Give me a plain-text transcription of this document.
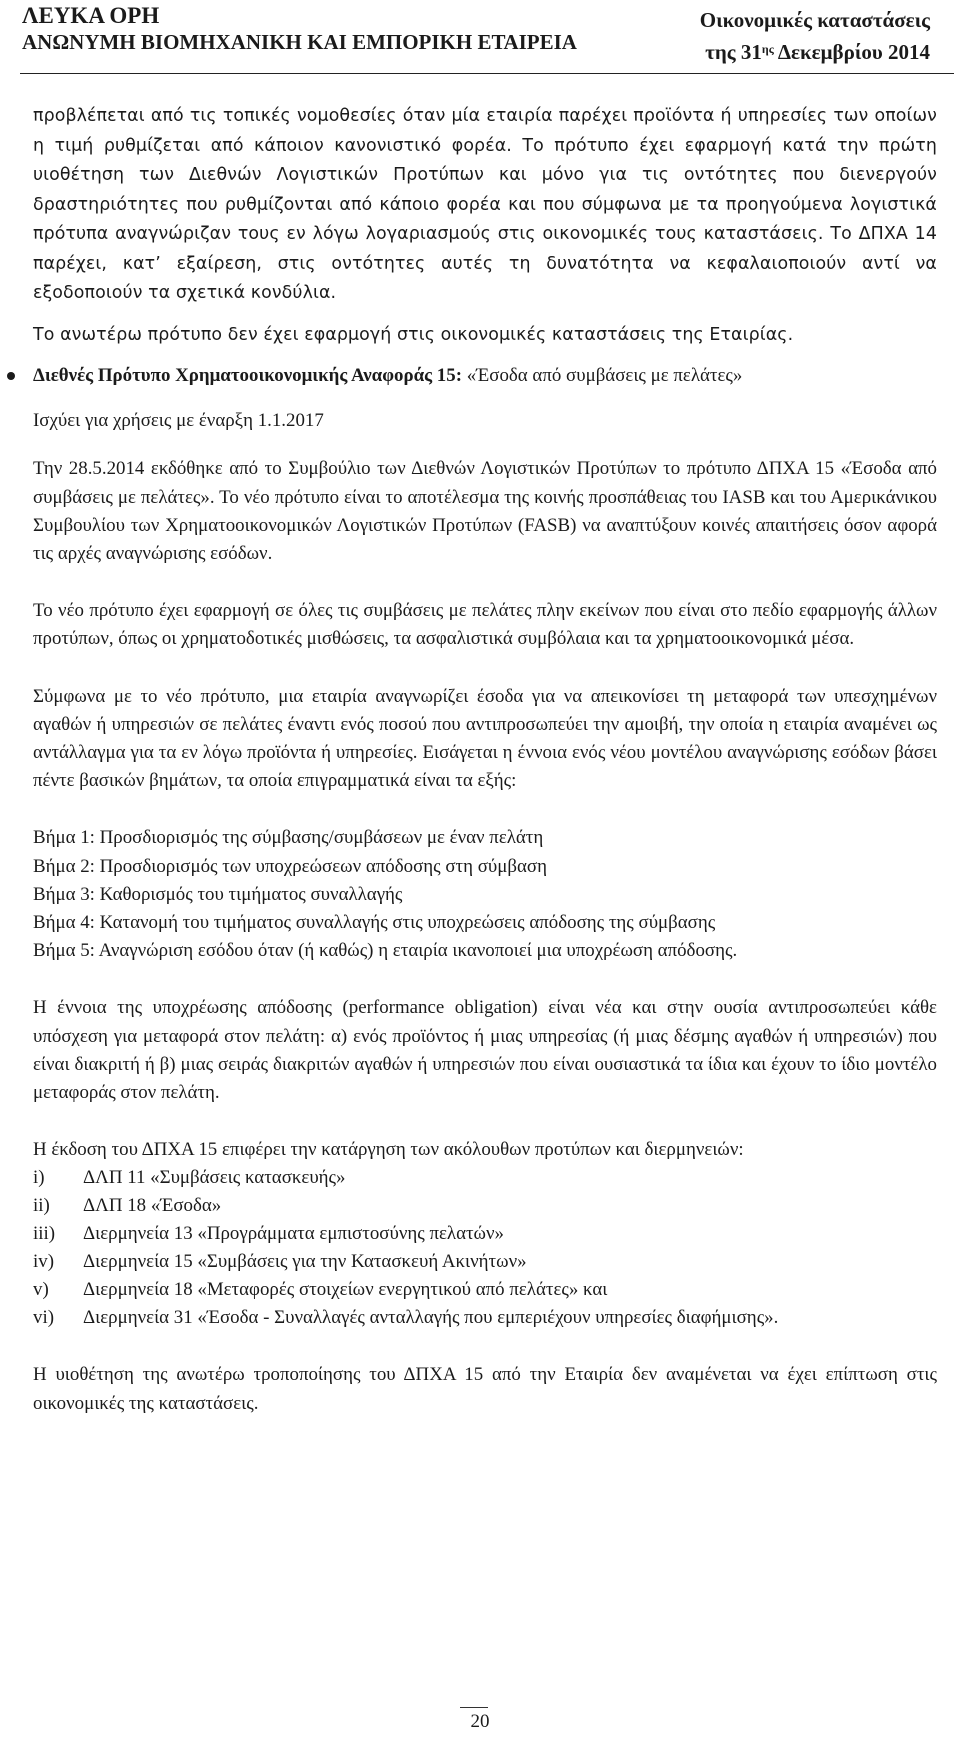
ΛΕΥΚΑ ΟΡΗ
ΑΝΩΝΥΜΗ ΒΙΟΜΗΧΑΝΙΚΗ ΚΑΙ ΕΜΠΟΡΙΚΗ ΕΤΑΙΡΕΙΑ
Οικονομικές καταστάσεις
της $31^{\eta\varsigma}$ Δεκεμβρίου 2014

προβλέπεται από τις τοπικές νομοθεσίες όταν μία εταιρία παρέχει προϊόντα ή υπηρεσίες των οποίων η τιμή ρυθμίζεται από κάποιον κανονιστικό φορέα. Το πρότυπο έχει εφαρμογή κατά την πρώτη υιοθέτηση των Διεθνών Λογιστικών Προτύπων και μόνο για τις οντότητες που διενεργούν δραστηριότητες που ρυθμίζονται από κάποιο φορέα και που σύμφωνα με τα προηγούμενα λογιστικά πρότυπα αναγνώριζαν τους εν λόγω λογαριασμούς στις οικονομικές τους καταστάσεις. Το ΔΠΧΑ 14 παρέχει, κατ’ εξαίρεση, στις οντότητες αυτές τη δυνατότητα να κεφαλαιοποιούν αντί να εξοδοποιούν τα σχετικά κονδύλια.

Το ανωτέρω πρότυπο δεν έχει εφαρμογή στις οικονομικές καταστάσεις της Εταιρίας.

Διεθνές Πρότυπο Χρηματοοικονομικής Αναφοράς 15: «Έσοδα από συμβάσεις με πελάτες»

Ισχύει για χρήσεις με έναρξη 1.1.2017

Την 28.5.2014 εκδόθηκε από το Συμβούλιο των Διεθνών Λογιστικών Προτύπων το πρότυπο ΔΠΧΑ 15 «Έσοδα από συμβάσεις με πελάτες». Το νέο πρότυπο είναι το αποτέλεσμα της κοινής προσπάθειας του IASB και του Αμερικάνικου Συμβουλίου των Χρηματοοικονομικών Λογιστικών Προτύπων (FASB) να αναπτύξουν κοινές απαιτήσεις όσον αφορά τις αρχές αναγνώρισης εσόδων.

Το νέο πρότυπο έχει εφαρμογή σε όλες τις συμβάσεις με πελάτες πλην εκείνων που είναι στο πεδίο εφαρμογής άλλων προτύπων, όπως οι χρηματοδοτικές μισθώσεις, τα ασφαλιστικά συμβόλαια και τα χρηματοοικονομικά μέσα.

Σύμφωνα με το νέο πρότυπο, μια εταιρία αναγνωρίζει έσοδα για να απεικονίσει τη μεταφορά των υπεσχημένων αγαθών ή υπηρεσιών σε πελάτες έναντι ενός ποσού που αντιπροσωπεύει την αμοιβή, την οποία η εταιρία αναμένει ως αντάλλαγμα για τα εν λόγω προϊόντα ή υπηρεσίες. Εισάγεται η έννοια ενός νέου μοντέλου αναγνώρισης εσόδων βάσει πέντε βασικών βημάτων, τα οποία επιγραμματικά είναι τα εξής:

Βήμα 1: Προσδιορισμός της σύμβασης/συμβάσεων με έναν πελάτη

Βήμα 2: Προσδιορισμός των υποχρεώσεων απόδοσης στη σύμβαση

Βήμα 3: Καθορισμός του τιμήματος συναλλαγής

Βήμα 4: Κατανομή του τιμήματος συναλλαγής στις υποχρεώσεις απόδοσης της σύμβασης

Βήμα 5: Αναγνώριση εσόδου όταν (ή καθώς) η εταιρία ικανοποιεί μια υποχρέωση απόδοσης.

Η έννοια της υποχρέωσης απόδοσης (performance obligation) είναι νέα και στην ουσία αντιπροσωπεύει κάθε υπόσχεση για μεταφορά στον πελάτη: α) ενός προϊόντος ή μιας υπηρεσίας (ή μιας δέσμης αγαθών ή υπηρεσιών) που είναι διακριτή ή β) μιας σειράς διακριτών αγαθών ή υπηρεσιών που είναι ουσιαστικά τα ίδια και έχουν το ίδιο μοντέλο μεταφοράς στον πελάτη.

Η έκδοση του ΔΠΧΑ 15 επιφέρει την κατάργηση των ακόλουθων προτύπων και διερμηνειών:

i)	ΔΛΠ 11 «Συμβάσεις κατασκευής»
ii)	ΔΛΠ 18 «Έσοδα»
iii)	Διερμηνεία 13 «Προγράμματα εμπιστοσύνης πελατών»
iv)	Διερμηνεία 15 «Συμβάσεις για την Κατασκευή Ακινήτων»
v)	Διερμηνεία 18 «Μεταφορές στοιχείων ενεργητικού από πελάτες» και
vi)	Διερμηνεία 31 «Έσοδα - Συναλλαγές ανταλλαγής που εμπεριέχουν υπηρεσίες διαφήμισης».

Η υιοθέτηση της ανωτέρω τροποποίησης του ΔΠΧΑ 15 από την Εταιρία δεν αναμένεται να έχει επίπτωση στις οικονομικές της καταστάσεις.

20
